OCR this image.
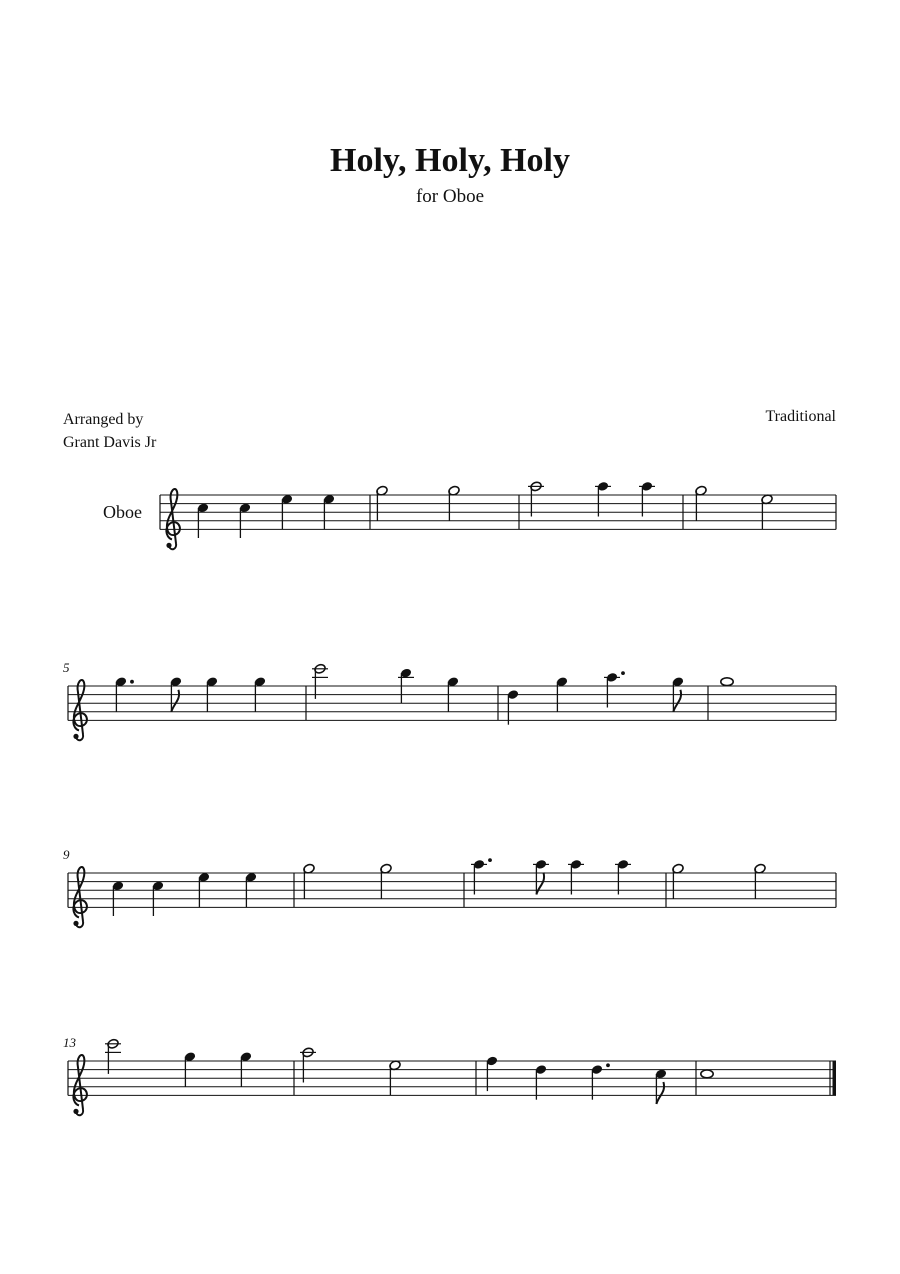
Holy, Holy, Holy
for Oboe
Arranged by
Grant Davis Jr
Traditional
Oboe
5
9
13
